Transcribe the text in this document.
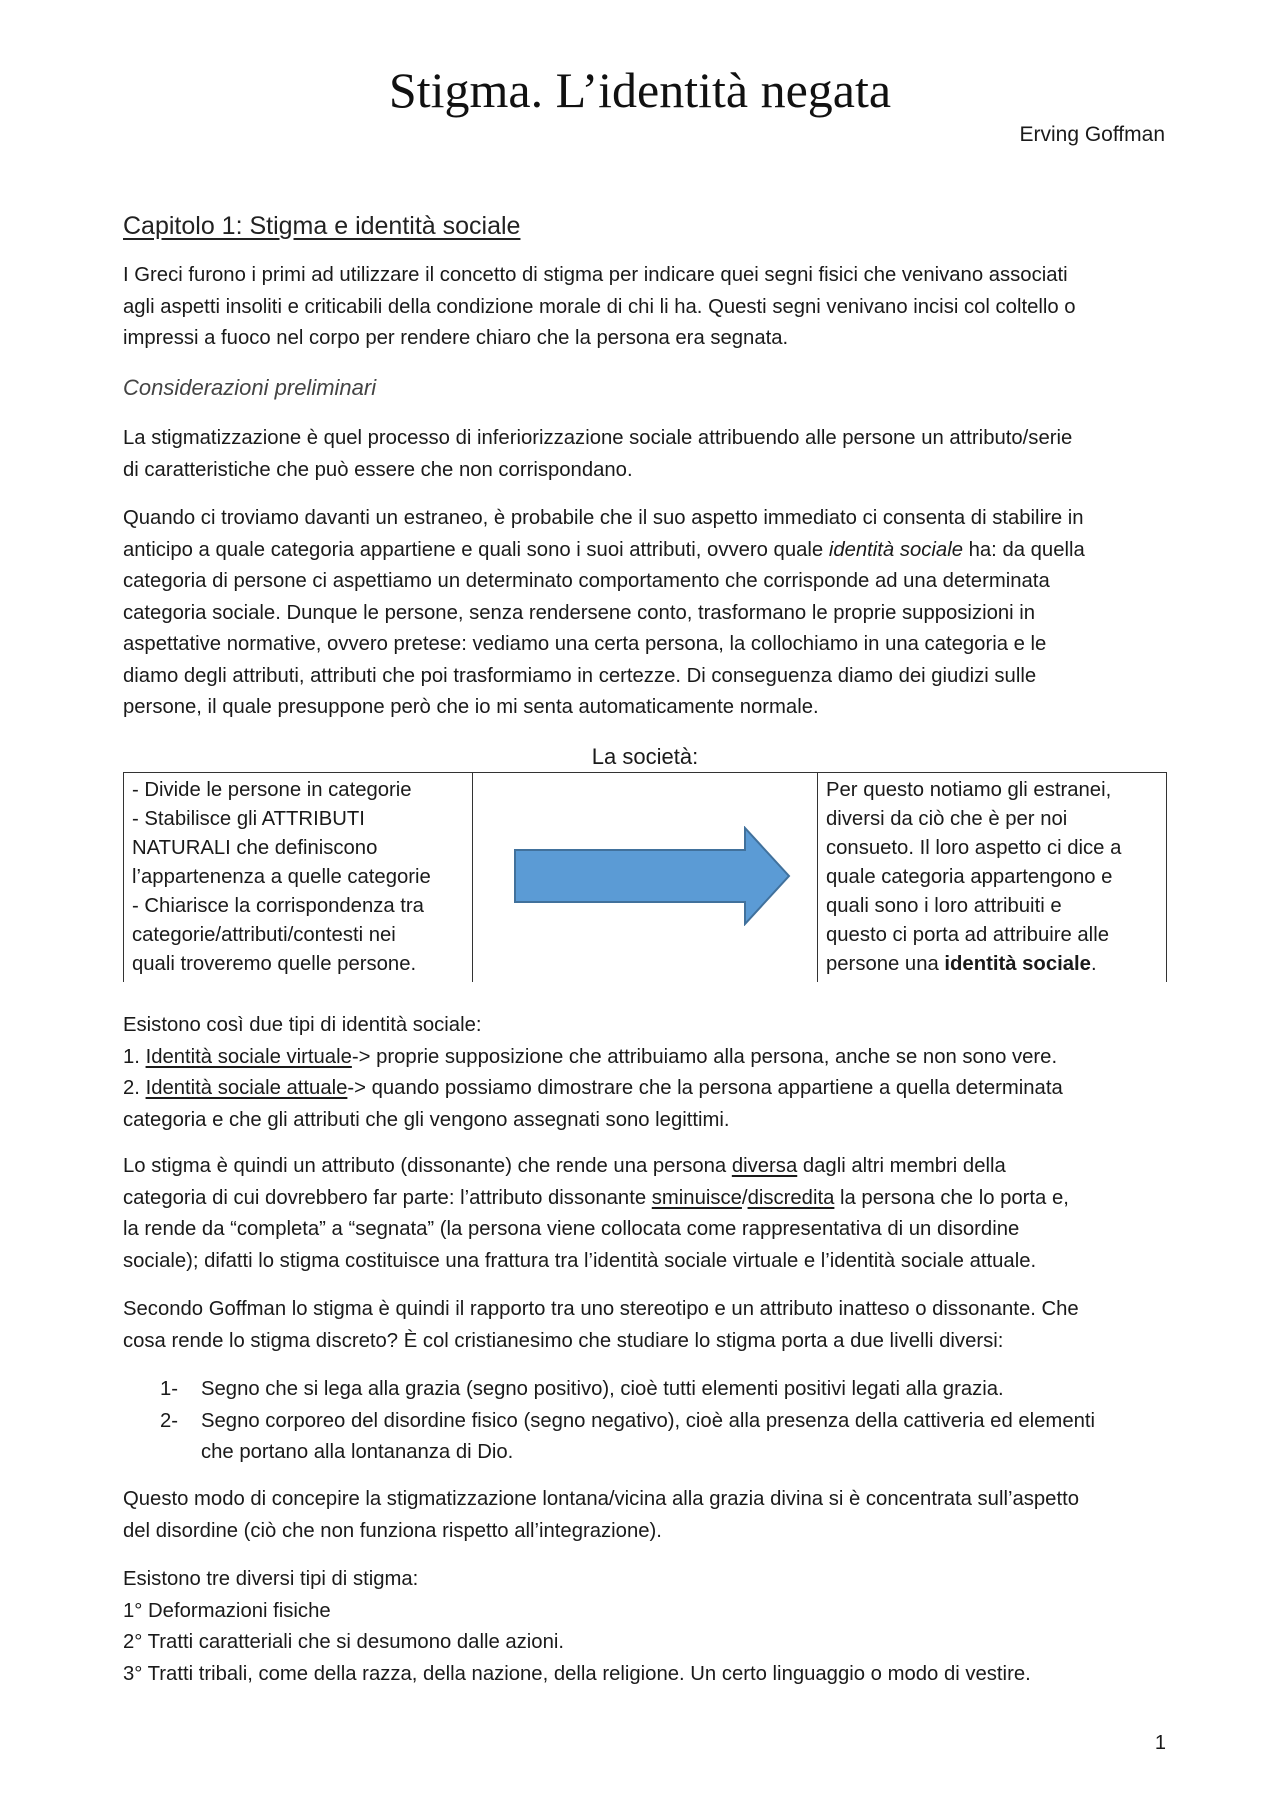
Stigma. L’identità negata
Erving Goffman
Capitolo 1: Stigma e identità sociale
I Greci furono i primi ad utilizzare il concetto di stigma per indicare quei segni fisici che venivano associati
agli aspetti insoliti e criticabili della condizione morale di chi li ha. Questi segni venivano incisi col coltello o
impressi a fuoco nel corpo per rendere chiaro che la persona era segnata.
Considerazioni preliminari
La stigmatizzazione è quel processo di inferiorizzazione sociale attribuendo alle persone un attributo/serie
di caratteristiche che può essere che non corrispondano.
Quando ci troviamo davanti un estraneo, è probabile che il suo aspetto immediato ci consenta di stabilire in
anticipo a quale categoria appartiene e quali sono i suoi attributi, ovvero quale identità sociale ha: da quella
categoria di persone ci aspettiamo un determinato comportamento che corrisponde ad una determinata
categoria sociale. Dunque le persone, senza rendersene conto, trasformano le proprie supposizioni in
aspettative normative, ovvero pretese: vediamo una certa persona, la collochiamo in una categoria e le
diamo degli attributi, attributi che poi trasformiamo in certezze. Di conseguenza diamo dei giudizi sulle
persone, il quale presuppone però che io mi senta automaticamente normale.
La società:
- Divide le persone in categorie
- Stabilisce gli ATTRIBUTI
NATURALI che definiscono
l’appartenenza a quelle categorie
- Chiarisce la corrispondenza tra
categorie/attributi/contesti nei
quali troveremo quelle persone.
Per questo notiamo gli estranei,
diversi da ciò che è per noi
consueto. Il loro aspetto ci dice a
quale categoria appartengono e
quali sono i loro attribuiti e
questo ci porta ad attribuire alle
persone una identità sociale.
Esistono così due tipi di identità sociale:
1. Identità sociale virtuale-> proprie supposizione che attribuiamo alla persona, anche se non sono vere.
2. Identità sociale attuale-> quando possiamo dimostrare che la persona appartiene a quella determinata
categoria e che gli attributi che gli vengono assegnati sono legittimi.
Lo stigma è quindi un attributo (dissonante) che rende una persona diversa dagli altri membri della
categoria di cui dovrebbero far parte: l’attributo dissonante sminuisce/discredita la persona che lo porta e,
la rende da “completa” a “segnata” (la persona viene collocata come rappresentativa di un disordine
sociale); difatti lo stigma costituisce una frattura tra l’identità sociale virtuale e l’identità sociale attuale.
Secondo Goffman lo stigma è quindi il rapporto tra uno stereotipo e un attributo inatteso o dissonante. Che
cosa rende lo stigma discreto? È col cristianesimo che studiare lo stigma porta a due livelli diversi:
1- Segno che si lega alla grazia (segno positivo), cioè tutti elementi positivi legati alla grazia.
2- Segno corporeo del disordine fisico (segno negativo), cioè alla presenza della cattiveria ed elementi
che portano alla lontananza di Dio.
Questo modo di concepire la stigmatizzazione lontana/vicina alla grazia divina si è concentrata sull’aspetto
del disordine (ciò che non funziona rispetto all’integrazione).
Esistono tre diversi tipi di stigma:
1° Deformazioni fisiche
2° Tratti caratteriali che si desumono dalle azioni.
3° Tratti tribali, come della razza, della nazione, della religione. Un certo linguaggio o modo di vestire.
1
